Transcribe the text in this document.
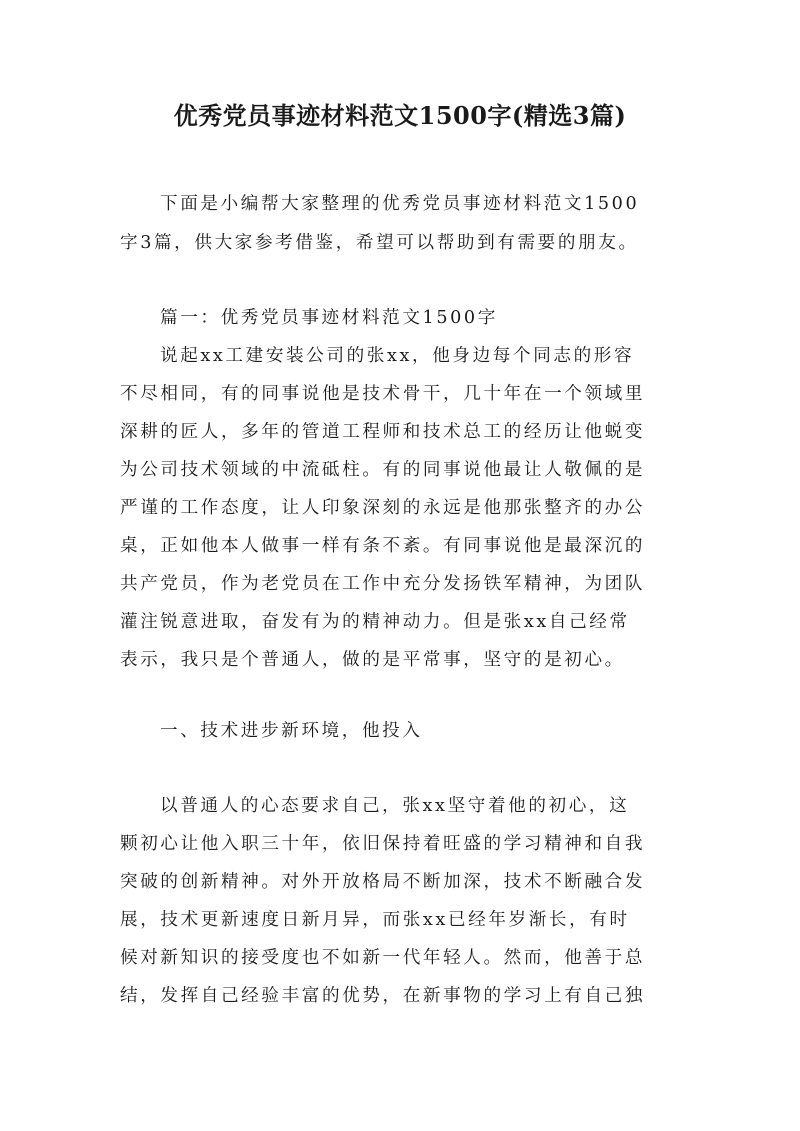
优秀党员事迹材料范文1500字(精选3篇)
下面是小编帮大家整理的优秀党员事迹材料范文1500
字3篇，供大家参考借鉴，希望可以帮助到有需要的朋友。
篇一：优秀党员事迹材料范文1500字
说起xx工建安装公司的张xx，他身边每个同志的形容
不尽相同，有的同事说他是技术骨干，几十年在一个领域里
深耕的匠人，多年的管道工程师和技术总工的经历让他蜕变
为公司技术领域的中流砥柱。有的同事说他最让人敬佩的是
严谨的工作态度，让人印象深刻的永远是他那张整齐的办公
桌，正如他本人做事一样有条不紊。有同事说他是最深沉的
共产党员，作为老党员在工作中充分发扬铁军精神，为团队
灌注锐意进取，奋发有为的精神动力。但是张xx自己经常
表示，我只是个普通人，做的是平常事，坚守的是初心。
一、技术进步新环境，他投入
以普通人的心态要求自己，张xx坚守着他的初心，这
颗初心让他入职三十年，依旧保持着旺盛的学习精神和自我
突破的创新精神。对外开放格局不断加深，技术不断融合发
展，技术更新速度日新月异，而张xx已经年岁渐长，有时
候对新知识的接受度也不如新一代年轻人。然而，他善于总
结，发挥自己经验丰富的优势，在新事物的学习上有自己独
